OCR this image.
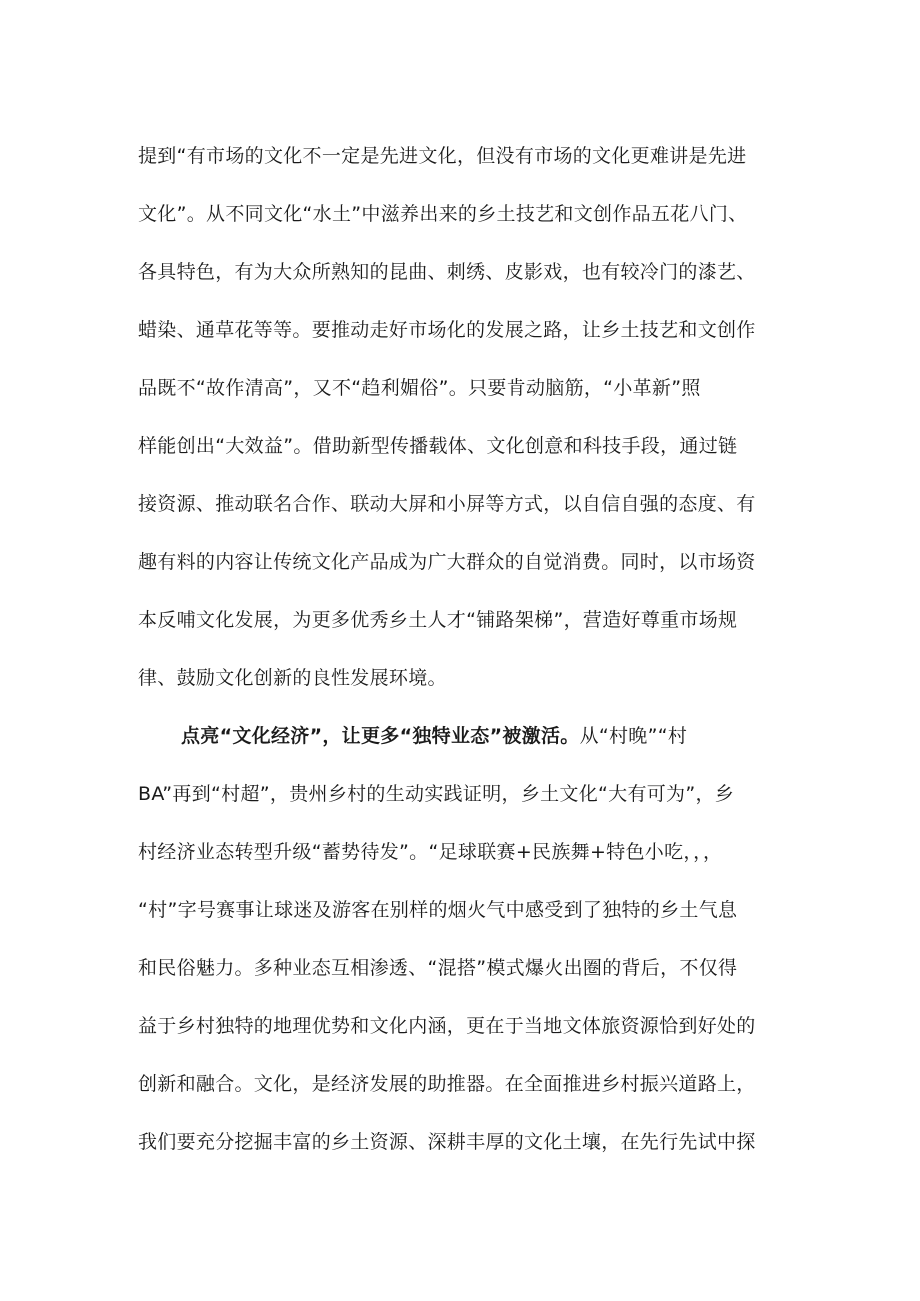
提到“有市场的文化不一定是先进文化，但没有市场的文化更难讲是先进
文化”。从不同文化“水土”中滋养出来的乡土技艺和文创作品五花八门、
各具特色，有为大众所熟知的昆曲、刺绣、皮影戏，也有较冷门的漆艺、
蜡染、通草花等等。要推动走好市场化的发展之路，让乡土技艺和文创作
品既不“故作清高”，又不“趋利媚俗”。只要肯动脑筋，“小革新”照
样能创出“大效益”。借助新型传播载体、文化创意和科技手段，通过链
接资源、推动联名合作、联动大屏和小屏等方式，以自信自强的态度、有
趣有料的内容让传统文化产品成为广大群众的自觉消费。同时，以市场资
本反哺文化发展，为更多优秀乡土人才“铺路架梯”，营造好尊重市场规
律、鼓励文化创新的良性发展环境。
点亮“文化经济”，让更多“独特业态”被激活。从“村晚”“村
BA”再到“村超”，贵州乡村的生动实践证明，乡土文化“大有可为”，乡
村经济业态转型升级“蓄势待发”。“足球联赛+民族舞+特色小吃，，，
“村”字号赛事让球迷及游客在别样的烟火气中感受到了独特的乡土气息
和民俗魅力。多种业态互相渗透、“混搭”模式爆火出圈的背后，不仅得
益于乡村独特的地理优势和文化内涵，更在于当地文体旅资源恰到好处的
创新和融合。文化，是经济发展的助推器。在全面推进乡村振兴道路上，
我们要充分挖掘丰富的乡土资源、深耕丰厚的文化土壤，在先行先试中探
